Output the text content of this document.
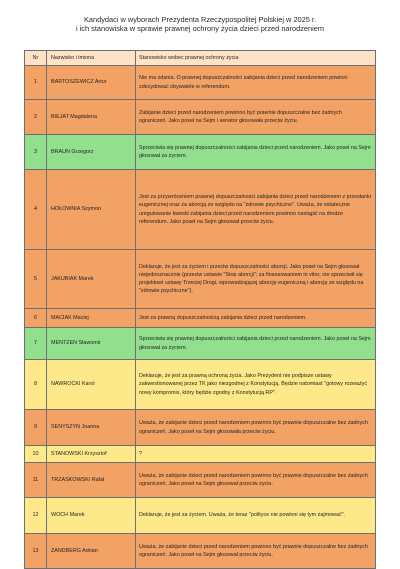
Kandydaci w wyborach Prezydenta Rzeczypospolitej Polskiej w 2025 r.
i ich stanowiska w sprawie prawnej ochrony życia dzieci przed narodzeniem
Nr	Nazwisko i imiona	Stanowisko wobec prawnej ochrony życia
1	BARTOSZEWICZ Artur	Nie ma zdania. O prawnej dopuszczalności zabijania dzieci przed narodzeniem powinni zdecydować obywatele w referendum.
2	BIEJAT Magdalena	Zabijanie dzieci przed narodzeniem powinno być prawnie dopuszczalne bez żadnych ograniczeń. Jako poseł na Sejm i senator głosowała przeciw życiu.
3	BRAUN Grzegorz	Sprzeciwia się prawnej dopuszczalności zabijania dzieci przed narodzeniem. Jako poseł na Sejm głosował za życiem.
4	HOŁOWNIA Szymon	Jest za przywróceniem prawnej dopuszczalności zabijania dzieci przed narodzeniem z przesłanki eugenicznej oraz za aborcją ze względu na "zdrowie psychiczne". Uważa, że ostateczne uregulowanie kwestii zabijania dzieci przed narodzeniem powinno nastąpić na drodze referendum. Jako poseł na Sejm głosował przeciw życiu.
5	JAKUBIAK Marek	Deklaruje, że jest za życiem i przeciw dopuszczalności aborcji. Jako poseł na Sejm głosował niejednoznacznie (przeciw ustawie "Stop aborcji"; za finansowaniem in vitro; nie sprzeciwił się projektowi ustawy Trzeciej Drogi, wprowadzającej aborcję eugeniczną i aborcję ze względu na "zdrowie psychiczne").
6	MACIAK Maciej	Jest za prawną dopuszczalnością zabijania dzieci przed narodzeniem.
7	MENTZEN Sławomir	Sprzeciwia się prawnej dopuszczalności zabijania dzieci przed narodzeniem. Jako poseł na Sejm głosował za życiem.
8	NAWROCKI Karol	Deklaruje, że jest za prawną ochroną życia. Jako Prezydent nie podpisze ustawy zakwestionowanej przez TK jako niezgodnej z Konstytucją. Będzie natomiast "gotowy rozważyć nowy kompromis, który będzie zgodny z Konstytucją RP".
9	SENYSZYN Joanna	Uważa, że zabijanie dzieci przed narodzeniem powinno być prawnie dopuszczalne bez żadnych ograniczeń. Jako poseł na Sejm głosowała przeciw życiu.
10	STANOWSKI Krzysztof	?
11	TRZASKOWSKI Rafał	Uważa, że zabijanie dzieci przed narodzeniem powinno być prawnie dopuszczalne bez żadnych ograniczeń. Jako poseł na Sejm głosował przeciw życiu.
12	WOCH Marek	Deklaruje, że jest za życiem. Uważa, że teraz "polityce nie powinni się tym zajmować".
13	ZANDBERG Adrian	Uważa, że zabijanie dzieci przed narodzeniem powinno być prawnie dopuszczalne bez żadnych ograniczeń. Jako poseł na Sejm głosował przeciw życiu.
